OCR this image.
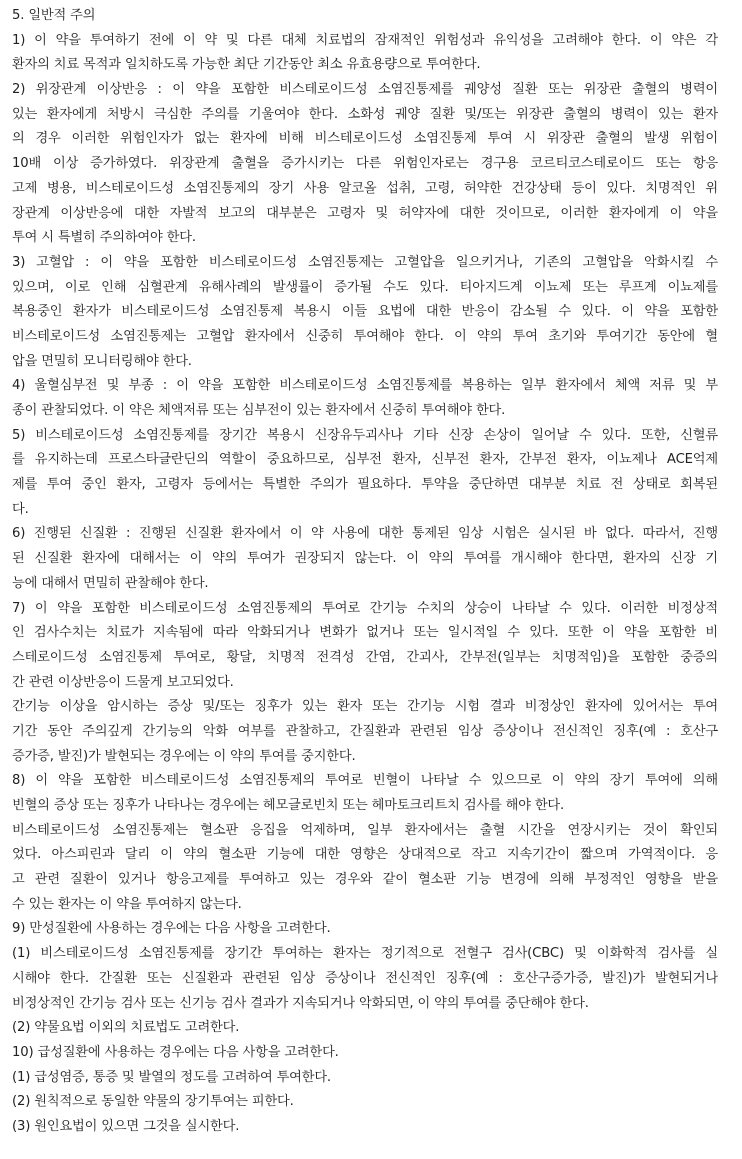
5. 일반적 주의
1) 이 약을 투여하기 전에 이 약 및 다른 대체 치료법의 잠재적인 위험성과 유익성을 고려해야 한다. 이 약은 각
환자의 치료 목적과 일치하도록 가능한 최단 기간동안 최소 유효용량으로 투여한다.
2) 위장관계 이상반응 : 이 약을 포함한 비스테로이드성 소염진통제를 궤양성 질환 또는 위장관 출혈의 병력이
있는 환자에게 처방시 극심한 주의를 기울여야 한다. 소화성 궤양 질환 및/또는 위장관 출혈의 병력이 있는 환자
의 경우 이러한 위험인자가 없는 환자에 비해 비스테로이드성 소염진통제 투여 시 위장관 출혈의 발생 위험이
10배 이상 증가하였다. 위장관계 출혈을 증가시키는 다른 위험인자로는 경구용 코르티코스테로이드 또는 항응
고제 병용, 비스테로이드성 소염진통제의 장기 사용 알코올 섭취, 고령, 허약한 건강상태 등이 있다. 치명적인 위
장관계 이상반응에 대한 자발적 보고의 대부분은 고령자 및 허약자에 대한 것이므로, 이러한 환자에게 이 약을
투여 시 특별히 주의하여야 한다.
3) 고혈압 : 이 약을 포함한 비스테로이드성 소염진통제는 고혈압을 일으키거나, 기존의 고혈압을 악화시킬 수
있으며, 이로 인해 심혈관계 유해사례의 발생률이 증가될 수도 있다. 티아지드계 이뇨제 또는 루프계 이뇨제를
복용중인 환자가 비스테로이드성 소염진통제 복용시 이들 요법에 대한 반응이 감소될 수 있다. 이 약을 포함한
비스테로이드성 소염진통제는 고혈압 환자에서 신중히 투여해야 한다. 이 약의 투여 초기와 투여기간 동안에 혈
압을 면밀히 모니터링해야 한다.
4) 울혈심부전 및 부종 : 이 약을 포함한 비스테로이드성 소염진통제를 복용하는 일부 환자에서 체액 저류 및 부
종이 관찰되었다. 이 약은 체액저류 또는 심부전이 있는 환자에서 신중히 투여해야 한다.
5) 비스테로이드성 소염진통제를 장기간 복용시 신장유두괴사나 기타 신장 손상이 일어날 수 있다. 또한, 신혈류
를 유지하는데 프로스타글란딘의 역할이 중요하므로, 심부전 환자, 신부전 환자, 간부전 환자, 이뇨제나 ACE억제
제를 투여 중인 환자, 고령자 등에서는 특별한 주의가 필요하다. 투약을 중단하면 대부분 치료 전 상태로 회복된
다.
6) 진행된 신질환 : 진행된 신질환 환자에서 이 약 사용에 대한 통제된 임상 시험은 실시된 바 없다. 따라서, 진행
된 신질환 환자에 대해서는 이 약의 투여가 권장되지 않는다. 이 약의 투여를 개시해야 한다면, 환자의 신장 기
능에 대해서 면밀히 관찰해야 한다.
7) 이 약을 포함한 비스테로이드성 소염진통제의 투여로 간기능 수치의 상승이 나타날 수 있다. 이러한 비정상적
인 검사수치는 치료가 지속됨에 따라 악화되거나 변화가 없거나 또는 일시적일 수 있다. 또한 이 약을 포함한 비
스테로이드성 소염진통제 투여로, 황달, 치명적 전격성 간염, 간괴사, 간부전(일부는 치명적임)을 포함한 중증의
간 관련 이상반응이 드물게 보고되었다.
간기능 이상을 암시하는 증상 및/또는 징후가 있는 환자 또는 간기능 시험 결과 비정상인 환자에 있어서는 투여
기간 동안 주의깊게 간기능의 악화 여부를 관찰하고, 간질환과 관련된 임상 증상이나 전신적인 징후(예 : 호산구
증가증, 발진)가 발현되는 경우에는 이 약의 투여를 중지한다.
8) 이 약을 포함한 비스테로이드성 소염진통제의 투여로 빈혈이 나타날 수 있으므로 이 약의 장기 투여에 의해
빈혈의 증상 또는 징후가 나타나는 경우에는 헤모글로빈치 또는 헤마토크리트치 검사를 해야 한다.
비스테로이드성 소염진통제는 혈소판 응집을 억제하며, 일부 환자에서는 출혈 시간을 연장시키는 것이 확인되
었다. 아스피린과 달리 이 약의 혈소판 기능에 대한 영향은 상대적으로 작고 지속기간이 짧으며 가역적이다. 응
고 관련 질환이 있거나 항응고제를 투여하고 있는 경우와 같이 혈소판 기능 변경에 의해 부정적인 영향을 받을
수 있는 환자는 이 약을 투여하지 않는다.
9) 만성질환에 사용하는 경우에는 다음 사항을 고려한다.
(1) 비스테로이드성 소염진통제를 장기간 투여하는 환자는 정기적으로 전혈구 검사(CBC) 및 이화학적 검사를 실
시해야 한다. 간질환 또는 신질환과 관련된 임상 증상이나 전신적인 징후(예 : 호산구증가증, 발진)가 발현되거나
비정상적인 간기능 검사 또는 신기능 검사 결과가 지속되거나 악화되면, 이 약의 투여를 중단해야 한다.
(2) 약물요법 이외의 치료법도 고려한다.
10) 급성질환에 사용하는 경우에는 다음 사항을 고려한다.
(1) 급성염증, 통증 및 발열의 정도를 고려하여 투여한다.
(2) 원칙적으로 동일한 약물의 장기투여는 피한다.
(3) 원인요법이 있으면 그것을 실시한다.
